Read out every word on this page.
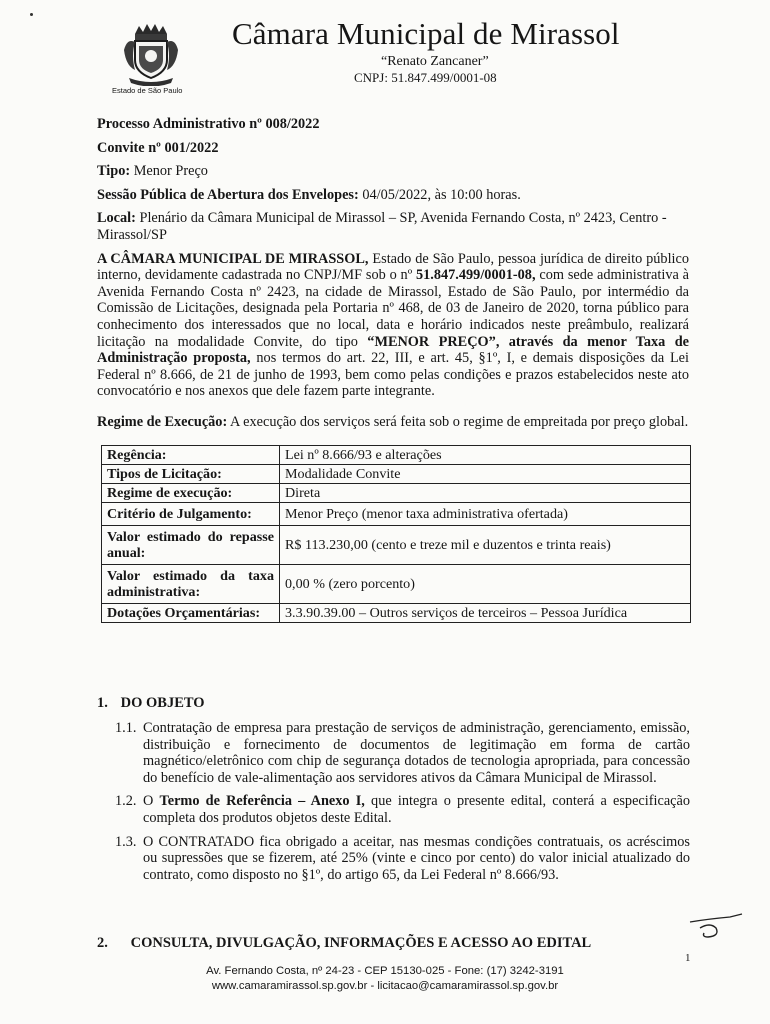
Estado de São Paulo
Câmara Municipal de Mirassol
“Renato Zancaner”
CNPJ: 51.847.499/0001-08

Processo Administrativo nº 008/2022

Convite nº 001/2022

Tipo: Menor Preço

Sessão Pública de Abertura dos Envelopes: 04/05/2022, às 10:00 horas.

Local: Plenário da Câmara Municipal de Mirassol – SP, Avenida Fernando Costa, nº 2423, Centro - Mirassol/SP

A CÂMARA MUNICIPAL DE MIRASSOL, Estado de São Paulo, pessoa jurídica de direito público interno, devidamente cadastrada no CNPJ/MF sob o nº 51.847.499/0001-08, com sede administrativa à Avenida Fernando Costa nº 2423, na cidade de Mirassol, Estado de São Paulo, por intermédio da Comissão de Licitações, designada pela Portaria nº 468, de 03 de Janeiro de 2020, torna público para conhecimento dos interessados que no local, data e horário indicados neste preâmbulo, realizará licitação na modalidade Convite, do tipo “MENOR PREÇO”, através da menor Taxa de Administração proposta, nos termos do art. 22, III, e art. 45, §1º, I, e demais disposições da Lei Federal nº 8.666, de 21 de junho de 1993, bem como pelas condições e prazos estabelecidos neste ato convocatório e nos anexos que dele fazem parte integrante.

Regime de Execução: A execução dos serviços será feita sob o regime de empreitada por preço global.

Regência:	Lei nº 8.666/93 e alterações
Tipos de Licitação:	Modalidade Convite
Regime de execução:	Direta
Critério de Julgamento:	Menor Preço (menor taxa administrativa ofertada)
Valor estimado do repasse anual:	R$ 113.230,00 (cento e treze mil e duzentos e trinta reais)
Valor estimado da taxa administrativa:	0,00 % (zero porcento)
Dotações Orçamentárias:	3.3.90.39.00 – Outros serviços de terceiros – Pessoa Jurídica
1. DO OBJETO
1.1. Contratação de empresa para prestação de serviços de administração, gerenciamento, emissão, distribuição e fornecimento de documentos de legitimação em forma de cartão magnético/eletrônico com chip de segurança dotados de tecnologia apropriada, para concessão do benefício de vale-alimentação aos servidores ativos da Câmara Municipal de Mirassol.
1.2. O Termo de Referência – Anexo I, que integra o presente edital, conterá a especificação completa dos produtos objetos deste Edital.
1.3. O CONTRATADO fica obrigado a aceitar, nas mesmas condições contratuais, os acréscimos ou supressões que se fizerem, até 25% (vinte e cinco por cento) do valor inicial atualizado do contrato, como disposto no §1º, do artigo 65, da Lei Federal nº 8.666/93.
2. CONSULTA, DIVULGAÇÃO, INFORMAÇÕES E ACESSO AO EDITAL
1
Av. Fernando Costa, nº 24-23 - CEP 15130-025 - Fone: (17) 3242-3191
www.camaramirassol.sp.gov.br - licitacao@camaramirassol.sp.gov.br
